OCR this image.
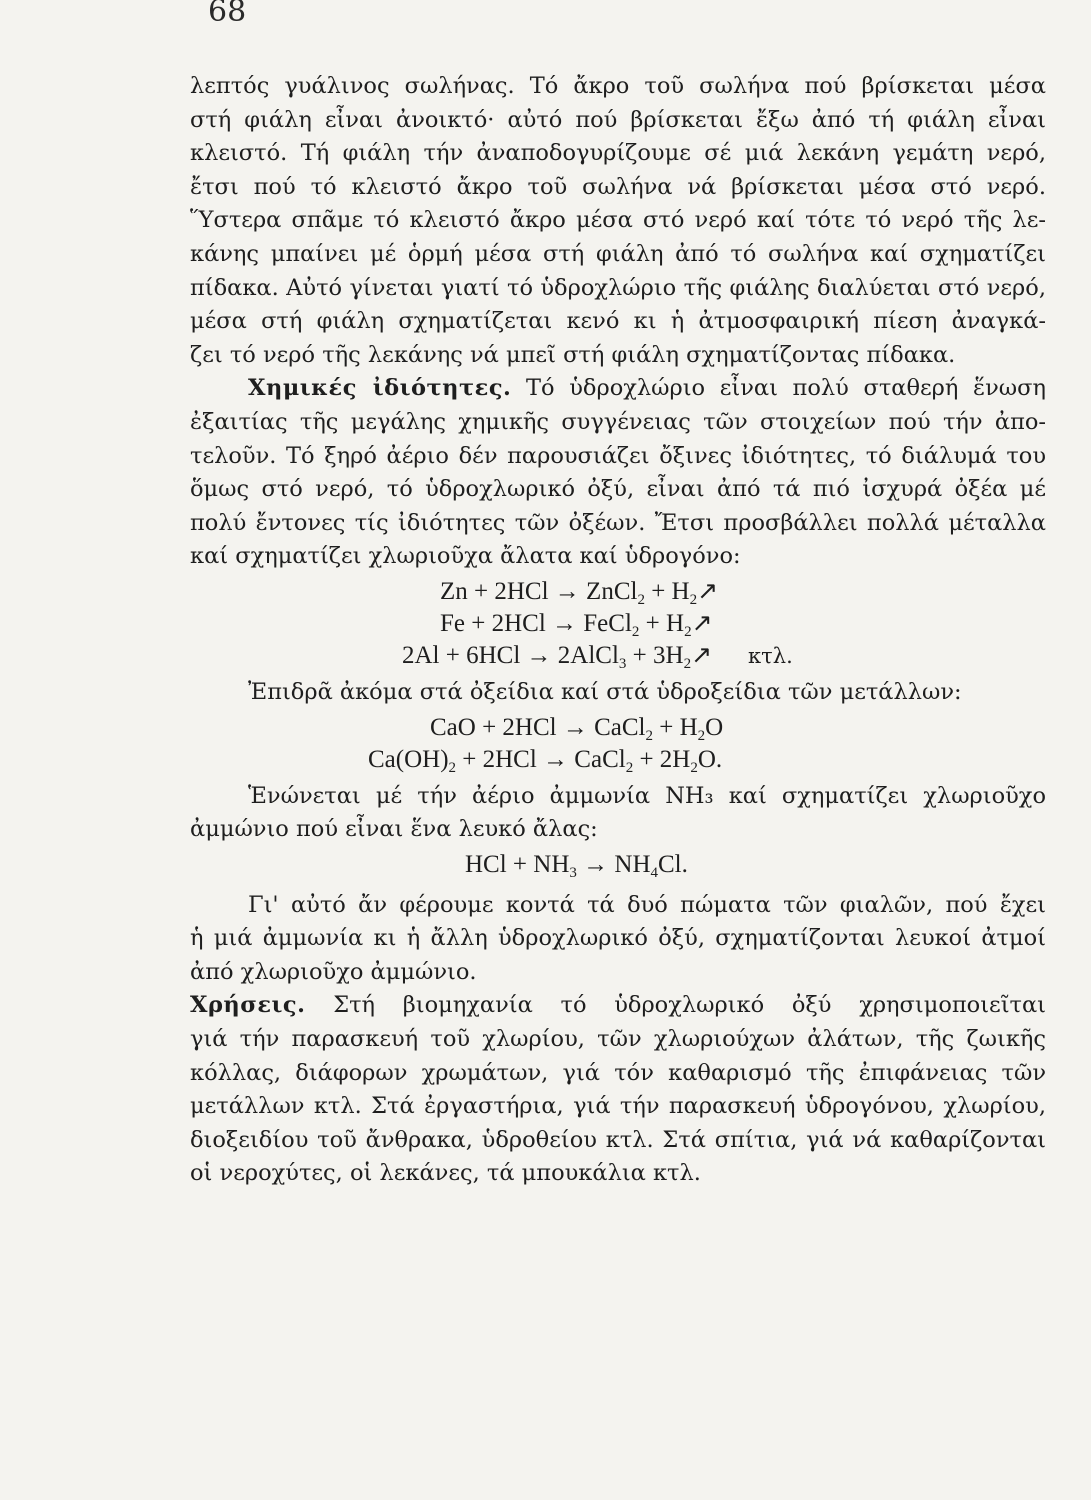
68
λεπτός γυάλινος σωλήνας. Τό ἄκρο τοῦ σωλήνα πού βρίσκεται μέσα
στή φιάλη εἶναι ἀνοικτό· αὐτό πού βρίσκεται ἔξω ἀπό τή φιάλη εἶναι
κλειστό. Τή φιάλη τήν ἀναποδογυρίζουμε σέ μιά λεκάνη γεμάτη νερό,
ἔτσι πού τό κλειστό ἄκρο τοῦ σωλήνα νά βρίσκεται μέσα στό νερό.
Ὕστερα σπᾶμε τό κλειστό ἄκρο μέσα στό νερό καί τότε τό νερό τῆς λε-
κάνης μπαίνει μέ ὁρμή μέσα στή φιάλη ἀπό τό σωλήνα καί σχηματίζει
πίδακα. Αὐτό γίνεται γιατί τό ὑδροχλώριο τῆς φιάλης διαλύεται στό νερό,
μέσα στή φιάλη σχηματίζεται κενό κι ἡ ἀτμοσφαιρική πίεση ἀναγκά-
ζει τό νερό τῆς λεκάνης νά μπεῖ στή φιάλη σχηματίζοντας πίδακα.
Χημικές ἰδιότητες. Τό ὑδροχλώριο εἶναι πολύ σταθερή ἕνωση
ἐξαιτίας τῆς μεγάλης χημικῆς συγγένειας τῶν στοιχείων πού τήν ἀπο-
τελοῦν. Τό ξηρό ἀέριο δέν παρουσιάζει ὄξινες ἰδιότητες, τό διάλυμά του
ὅμως στό νερό, τό ὑδροχλωρικό ὀξύ, εἶναι ἀπό τά πιό ἰσχυρά ὀξέα μέ
πολύ ἔντονες τίς ἰδιότητες τῶν ὀξέων. Ἔτσι προσβάλλει πολλά μέταλλα
καί σχηματίζει χλωριοῦχα ἄλατα καί ὑδρογόνο:
Zn + 2HCl → ZnCl$_2$ + $H_2↗$
Fe + 2HCl → FeCl$_2$ + $H_2↗$
2Al + 6HCl → 2AlCl$_3$ + $3H_2↗$ κτλ.
Ἐπιδρᾶ ἀκόμα στά ὀξείδια καί στά ὑδροξείδια τῶν μετάλλων:
CaO + 2HCl → CaCl$_2$ + $H_2O$
$Ca(OH)_2 + 2HCl$ → CaCl$_2$ + $2H_2O$.
Ἑνώνεται μέ τήν ἀέριο ἀμμωνία NH₃ καί σχηματίζει χλωριοῦχο
ἀμμώνιο πού εἶναι ἕνα λευκό ἄλας:
HCl + $NH_3 \to NH_4Cl$.
Γι' αὐτό ἄν φέρουμε κοντά τά δυό πώματα τῶν φιαλῶν, πού ἔχει
ἡ μιά ἀμμωνία κι ἡ ἄλλη ὑδροχλωρικό ὀξύ, σχηματίζονται λευκοί ἀτμοί
ἀπό χλωριοῦχο ἀμμώνιο.
Χρήσεις. Στή βιομηχανία τό ὑδροχλωρικό ὀξύ χρησιμοποιεῖται
γιά τήν παρασκευή τοῦ χλωρίου, τῶν χλωριούχων ἀλάτων, τῆς ζωικῆς
κόλλας, διάφορων χρωμάτων, γιά τόν καθαρισμό τῆς ἐπιφάνειας τῶν
μετάλλων κτλ. Στά ἐργαστήρια, γιά τήν παρασκευή ὑδρογόνου, χλωρίου,
διοξειδίου τοῦ ἄνθρακα, ὑδροθείου κτλ. Στά σπίτια, γιά νά καθαρίζονται
οἱ νεροχύτες, οἱ λεκάνες, τά μπουκάλια κτλ.
